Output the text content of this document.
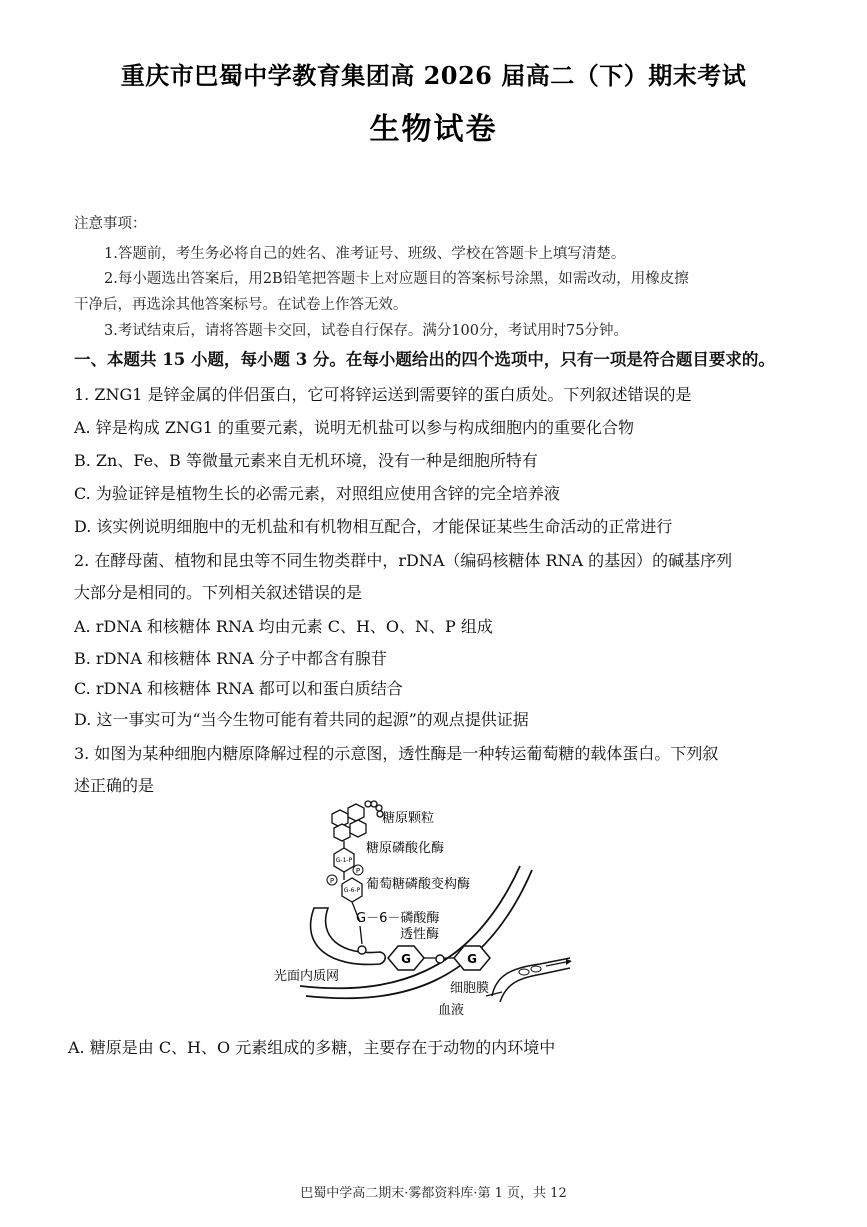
重庆市巴蜀中学教育集团高 2026 届高二（下）期末考试
生物试卷
注意事项：
1.答题前，考生务必将自己的姓名、准考证号、班级、学校在答题卡上填写清楚。
2.每小题选出答案后，用2B铅笔把答题卡上对应题目的答案标号涂黑，如需改动，用橡皮擦
干净后，再选涂其他答案标号。在试卷上作答无效。
3.考试结束后，请将答题卡交回，试卷自行保存。满分100分，考试用时75分钟。
一、本题共 15 小题，每小题 3 分。在每小题给出的四个选项中，只有一项是符合题目要求的。
1. ZNG1 是锌金属的伴侣蛋白，它可将锌运送到需要锌的蛋白质处。下列叙述错误的是
A. 锌是构成 ZNG1 的重要元素，说明无机盐可以参与构成细胞内的重要化合物
B. Zn、Fe、B 等微量元素来自无机环境，没有一种是细胞所特有
C. 为验证锌是植物生长的必需元素，对照组应使用含锌的完全培养液
D. 该实例说明细胞中的无机盐和有机物相互配合，才能保证某些生命活动的正常进行
2. 在酵母菌、植物和昆虫等不同生物类群中，rDNA（编码核糖体 RNA 的基因）的碱基序列
大部分是相同的。下列相关叙述错误的是
A. rDNA 和核糖体 RNA 均由元素 C、H、O、N、P 组成
B. rDNA 和核糖体 RNA 分子中都含有腺苷
C. rDNA 和核糖体 RNA 都可以和蛋白质结合
D. 这一事实可为“当今生物可能有着共同的起源”的观点提供证据
3. 如图为某种细胞内糖原降解过程的示意图，透性酶是一种转运葡萄糖的载体蛋白。下列叙
述正确的是
G-1-P
P
G-6-P
P
G	G
糖原颗粒
糖原磷酸化酶
葡萄糖磷酸变构酶
G－6－磷酸酶
透性酶
光面内质网
细胞膜
血液
A. 糖原是由 C、H、O 元素组成的多糖，主要存在于动物的内环境中
巴蜀中学高二期末·雾都资料库·第 1 页，共 12
